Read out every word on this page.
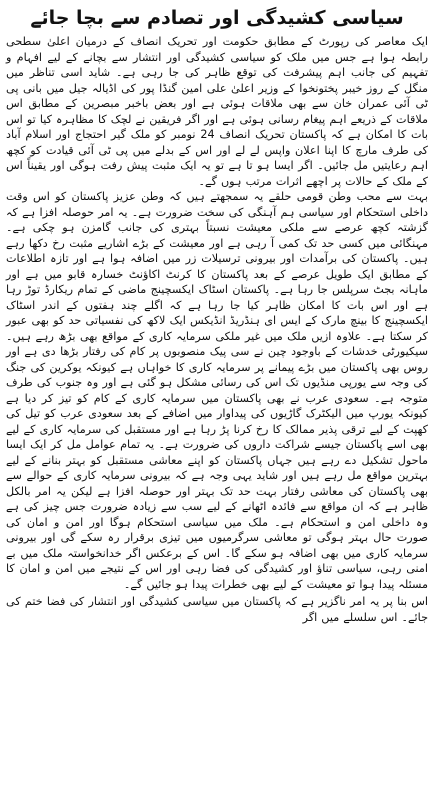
سیاسی کشیدگی اور تصادم سے بچا جائے

ایک معاصر کی رپورٹ کے مطابق حکومت اور تحریک انصاف کے درمیان اعلیٰ سطحی رابطہ ہوا ہے جس میں ملک کو سیاسی کشیدگی اور انتشار سے بچانے کے لیے افہام و تفہیم کی جانب اہم پیشرفت کی توقع ظاہر کی جا رہی ہے۔ شاید اسی تناظر میں منگل کے روز خیبر پختونخوا کے وزیر اعلیٰ علی امین گنڈا پور کی اڈیالہ جیل میں بانی پی ٹی آئی عمران خان سے بھی ملاقات ہوئی ہے اور بعض باخبر مبصرین کے مطابق اس ملاقات کے ذریعے اہم پیغام رسانی ہوئی ہے اور اگر فریقین نے لچک کا مظاہرہ کیا تو اس بات کا امکان ہے کہ پاکستان تحریک انصاف 24 نومبر کو ملک گیر احتجاج اور اسلام آباد کی طرف مارچ کا اپنا اعلان واپس لے لے اور اس کے بدلے میں پی ٹی آئی قیادت کو کچھ اہم رعایتیں مل جائیں۔ اگر ایسا ہو تا ہے تو یہ ایک مثبت پیش رفت ہوگی اور یقیناً اس کے ملک کے حالات پر اچھے اثرات مرتب ہوں گے۔

بہت سے محب وطن قومی حلقے یہ سمجھتے ہیں کہ وطن عزیز پاکستان کو اس وقت داخلی استحکام اور سیاسی ہم آہنگی کی سخت ضرورت ہے۔ یہ امر حوصلہ افزا ہے کہ گزشتہ کچھ عرصے سے ملکی معیشت نسبتاً بہتری کی جانب گامزن ہو چکی ہے۔ مہنگائی میں کسی حد تک کمی آ رہی ہے اور معیشت کے بڑے اشاریے مثبت رخ دکھا رہے ہیں۔ پاکستان کی برآمدات اور بیرونی ترسیلات زر میں اضافہ ہوا ہے اور تازہ اطلاعات کے مطابق ایک طویل عرصے کے بعد پاکستان کا کرنٹ اکاؤنٹ خسارہ قابو میں ہے اور ماہانہ بجٹ سرپلس جا رہا ہے۔ پاکستان اسٹاک ایکسچینج ماضی کے تمام ریکارڈ توڑ رہا ہے اور اس بات کا امکان ظاہر کیا جا رہا ہے کہ اگلے چند ہفتوں کے اندر اسٹاک ایکسچینج کا بینچ مارک کے ایس ای ہنڈریڈ انڈیکس ایک لاکھ کی نفسیاتی حد کو بھی عبور کر سکتا ہے۔ علاوہ ازیں ملک میں غیر ملکی سرمایہ کاری کے مواقع بھی بڑھ رہے ہیں۔ سیکیورٹی خدشات کے باوجود چین نے سی پیک منصوبوں پر کام کی رفتار بڑھا دی ہے اور روس بھی پاکستان میں بڑے پیمانے پر سرمایہ کاری کا خواہاں ہے کیونکہ یوکرین کی جنگ کی وجہ سے یورپی منڈیوں تک اس کی رسائی مشکل ہو گئی ہے اور وہ جنوب کی طرف متوجہ ہے۔ سعودی عرب نے بھی پاکستان میں سرمایہ کاری کے کام کو تیز کر دیا ہے کیونکہ یورپ میں الیکٹرک گاڑیوں کی پیداوار میں اضافے کے بعد سعودی عرب کو تیل کی کھپت کے لیے ترقی پذیر ممالک کا رخ کرنا پڑ رہا ہے اور مستقبل کی سرمایہ کاری کے لیے بھی اسے پاکستان جیسے شراکت داروں کی ضرورت ہے۔ یہ تمام عوامل مل کر ایک ایسا ماحول تشکیل دے رہے ہیں جہاں پاکستان کو اپنے معاشی مستقبل کو بہتر بنانے کے لیے بہترین مواقع مل رہے ہیں اور شاید یہی وجہ ہے کہ بیرونی سرمایہ کاری کے حوالے سے بھی پاکستان کی معاشی رفتار بہت حد تک بہتر اور حوصلہ افزا ہے لیکن یہ امر بالکل ظاہر ہے کہ ان مواقع سے فائدہ اٹھانے کے لیے سب سے زیادہ ضرورت جس چیز کی ہے وہ داخلی امن و استحکام ہے۔ ملک میں سیاسی استحکام ہوگا اور امن و امان کی صورت حال بہتر ہوگی تو معاشی سرگرمیوں میں تیزی برقرار رہ سکے گی اور بیرونی سرمایہ کاری میں بھی اضافہ ہو سکے گا۔ اس کے برعکس اگر خدانخواستہ ملک میں بے امنی رہی، سیاسی تناؤ اور کشیدگی کی فضا رہی اور اس کے نتیجے میں امن و امان کا مسئلہ پیدا ہوا تو معیشت کے لیے بھی خطرات پیدا ہو جائیں گے۔

اس بنا پر یہ امر ناگزیر ہے کہ پاکستان میں سیاسی کشیدگی اور انتشار کی فضا ختم کی جائے۔ اس سلسلے میں اگر
